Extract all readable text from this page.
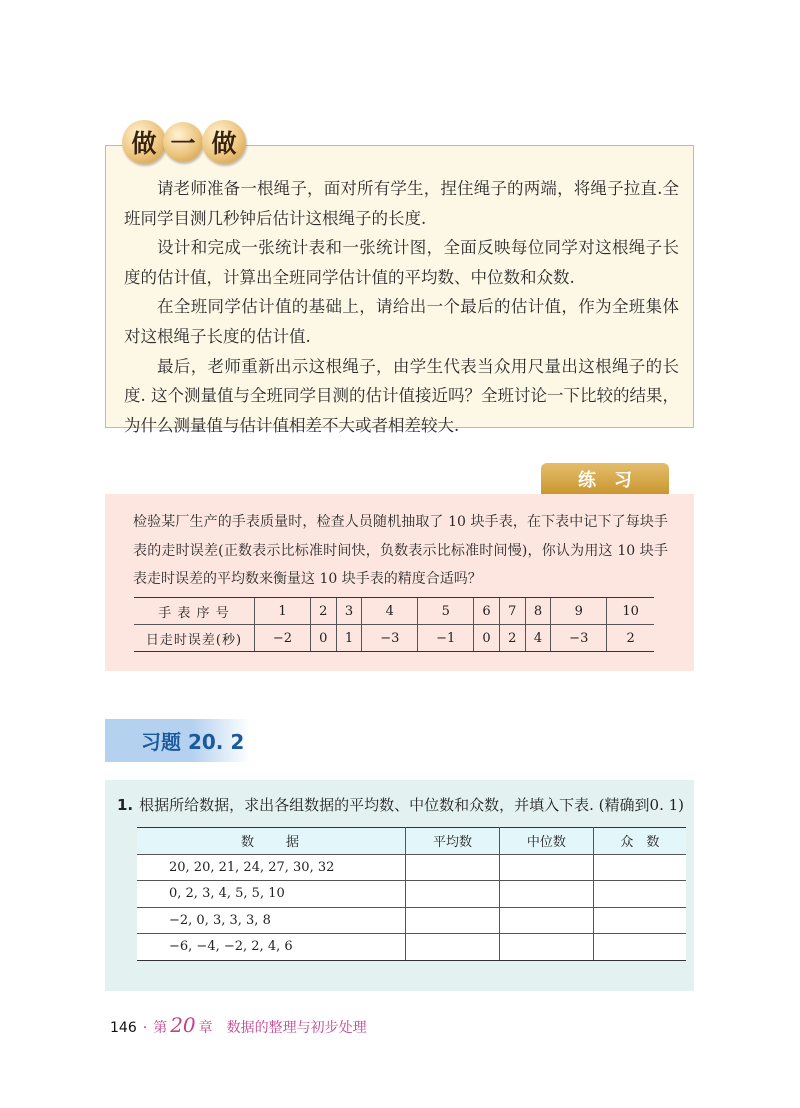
请老师准备一根绳子，面对所有学生，捏住绳子的两端，将绳子拉直.全班同学目测几秒钟后估计这根绳子的长度.

设计和完成一张统计表和一张统计图，全面反映每位同学对这根绳子长度的估计值，计算出全班同学估计值的平均数、中位数和众数.

在全班同学估计值的基础上，请给出一个最后的估计值，作为全班集体对这根绳子长度的估计值.

最后，老师重新出示这根绳子，由学生代表当众用尺量出这根绳子的长度. 这个测量值与全班同学目测的估计值接近吗？全班讨论一下比较的结果，为什么测量值与估计值相差不大或者相差较大.

做 一 做
练习

检验某厂生产的手表质量时，检查人员随机抽取了 10 块手表，在下表中记下了每块手表的走时误差(正数表示比标准时间快，负数表示比标准时间慢)，你认为用这 10 块手表走时误差的平均数来衡量这 10 块手表的精度合适吗？

手 表 序 号	1	2	3	4	5	6	7	8	9	10
日走时误差(秒)	−2	0	1	−3	−1	0	2	4	−3	2
习题 20. 2

1. 根据所给数据，求出各组数据的平均数、中位数和众数，并填入下表. (精确到0. 1)

数　　据	平均数	中位数	众　数
20, 20, 21, 24, 27, 30, 32			
0, 2, 3, 4, 5, 5, 10			
−2, 0, 3, 3, 3, 8			
−6, −4, −2, 2, 4, 6			
146 · 第 20 章 数据的整理与初步处理
